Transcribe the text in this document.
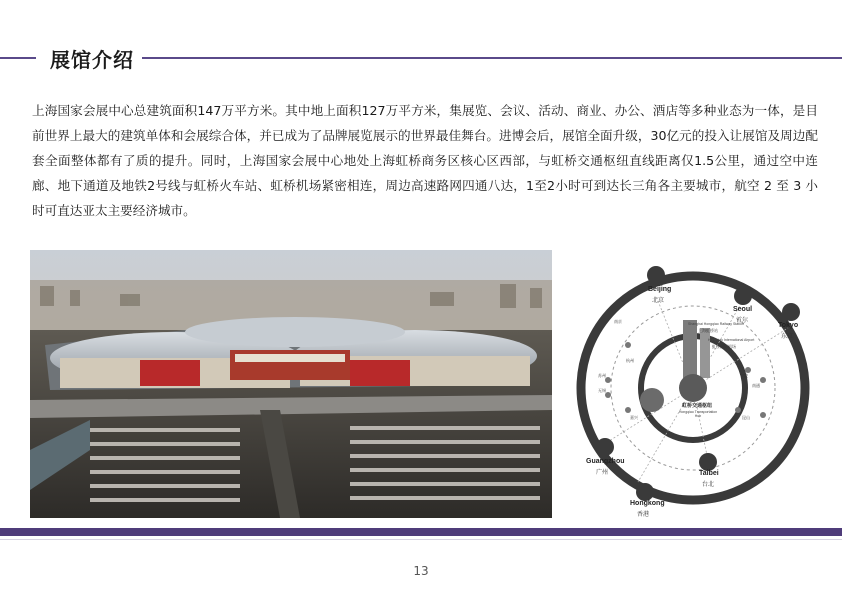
展馆介绍

上海国家会展中心总建筑面积147万平方米。其中地上面积127万平方米，集展览、会议、活动、商业、办公、酒店等多种业态为一体，是目前世界上最大的建筑单体和会展综合体，并已成为了品牌展览展示的世界最佳舞台。进博会后，展馆全面升级，30亿元的投入让展馆及周边配套全面整体都有了质的提升。同时，上海国家会展中心地处上海虹桥商务区核心区西部，与虹桥交通枢纽直线距离仅1.5公里，通过空中连廊、地下通道及地铁2号线与虹桥火车站、虹桥机场紧密相连，周边高速路网四通八达，1至2小时可到达长三角各主要城市，航空 2 至 3 小时可直达亚太主要经济城市。

Beijing
北京
Seoul
首尔
Tokyo
东京
Taibei
台北
Hongkong
香港
Guangzhou
广州
虹桥交通枢纽
Hongqiao Transportation Hub
Shanghai Hongqiao Railway Station
上海虹桥站
Hongqiao International Airport
虹桥国际机场
南京
苏州
无锡
嘉兴
杭州
宁波
南通
昆山
13
